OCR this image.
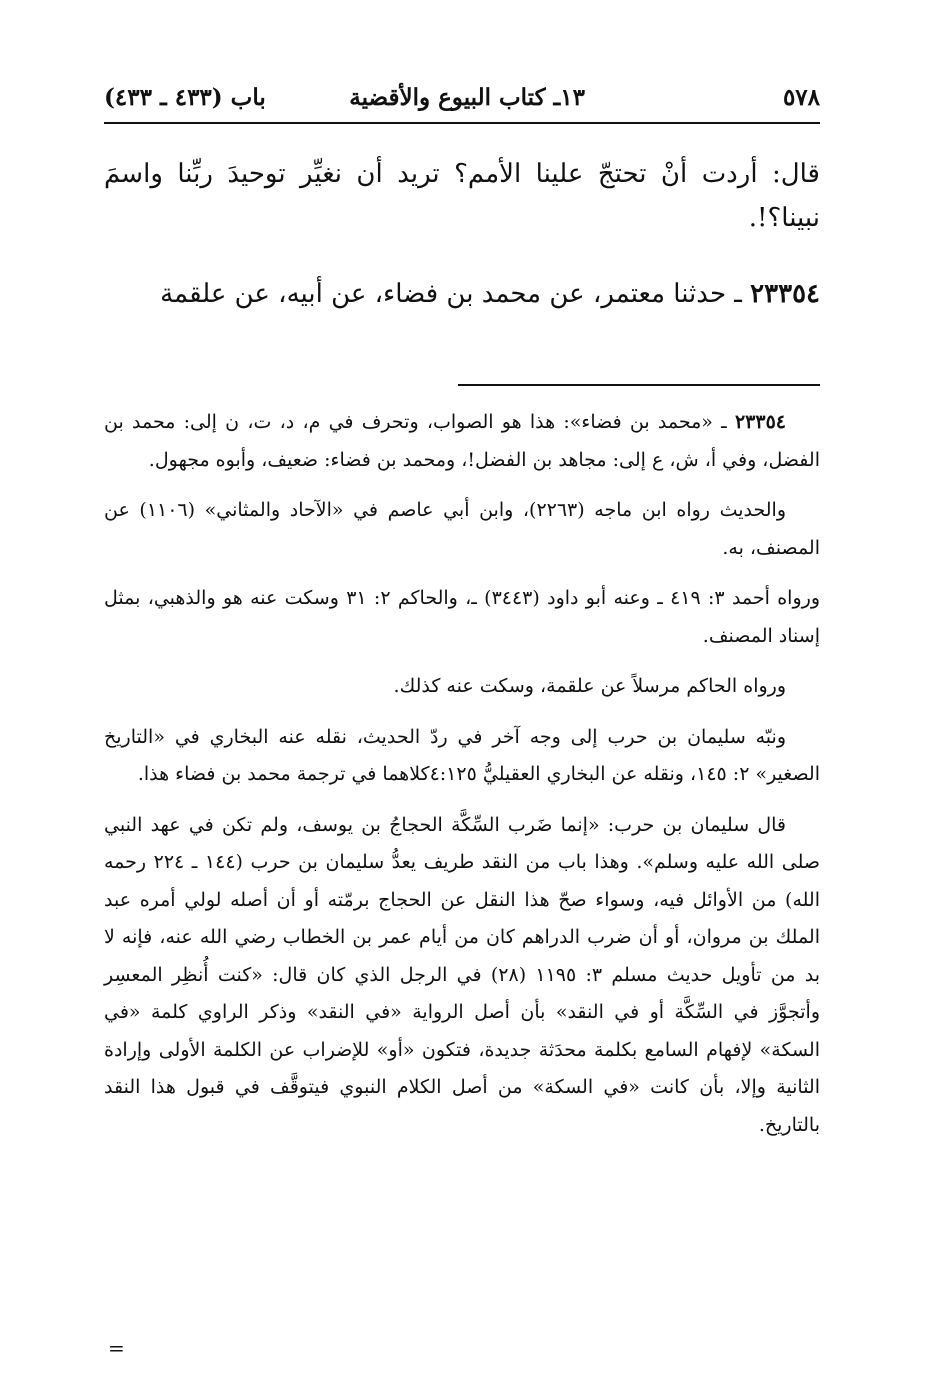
٥٧٨
١٣ـ كتاب البيوع والأقضية
باب (٤٣٣ ـ ٤٣٣)
قال: أردت أنْ تحتجّ علينا الأمم؟ تريد أن نغيِّر توحيدَ ربِّنا واسمَ نبينا؟!.
٢٣٣٥٤ ـ حدثنا معتمر، عن محمد بن فضاء، عن أبيه، عن علقمة

٢٣٣٥٤ ـ «محمد بن فضاء»: هذا هو الصواب، وتحرف في م، د، ت، ن إلى: محمد بن الفضل، وفي أ، ش، ع إلى: مجاهد بن الفضل!، ومحمد بن فضاء: ضعيف، وأبوه مجهول.

والحديث رواه ابن ماجه (٢٢٦٣)، وابن أبي عاصم في «الآحاد والمثاني» (١١٠٦) عن المصنف، به.

ورواه أحمد ٣: ٤١٩ ـ وعنه أبو داود (٣٤٤٣) ـ، والحاكم ٢: ٣١ وسكت عنه هو والذهبي، بمثل إسناد المصنف.

ورواه الحاكم مرسلاً عن علقمة، وسكت عنه كذلك.

ونبّه سليمان بن حرب إلى وجه آخر في ردّ الحديث، نقله عنه البخاري في «التاريخ الصغير» ٢: ١٤٥، ونقله عن البخاري العقيليُّ ٤:١٢٥كلاهما في ترجمة محمد بن فضاء هذا.

قال سليمان بن حرب: «إنما ضَرب السِّكَّة الحجاجُ بن يوسف، ولم تكن في عهد النبي صلى الله عليه وسلم». وهذا باب من النقد طريف يعدُّ سليمان بن حرب (١٤٤ ـ ٢٢٤ رحمه الله) من الأوائل فيه، وسواء صحّ هذا النقل عن الحجاج برمّته أو أن أصله لولي أمره عبد الملك بن مروان، أو أن ضرب الدراهم كان من أيام عمر بن الخطاب رضي الله عنه، فإنه لا بد من تأويل حديث مسلم ٣: ١١٩٥ (٢٨) في الرجل الذي كان قال: «كنت أُنظِر المعسِر وأتجوَّز في السِّكَّة أو في النقد» بأن أصل الرواية «في النقد» وذكر الراوي كلمة «في السكة» لإفهام السامع بكلمة محدَثة جديدة، فتكون «أو» للإضراب عن الكلمة الأولى وإرادة الثانية وإلا، بأن كانت «في السكة» من أصل الكلام النبوي فيتوقَّف في قبول هذا النقد بالتاريخ.

=
